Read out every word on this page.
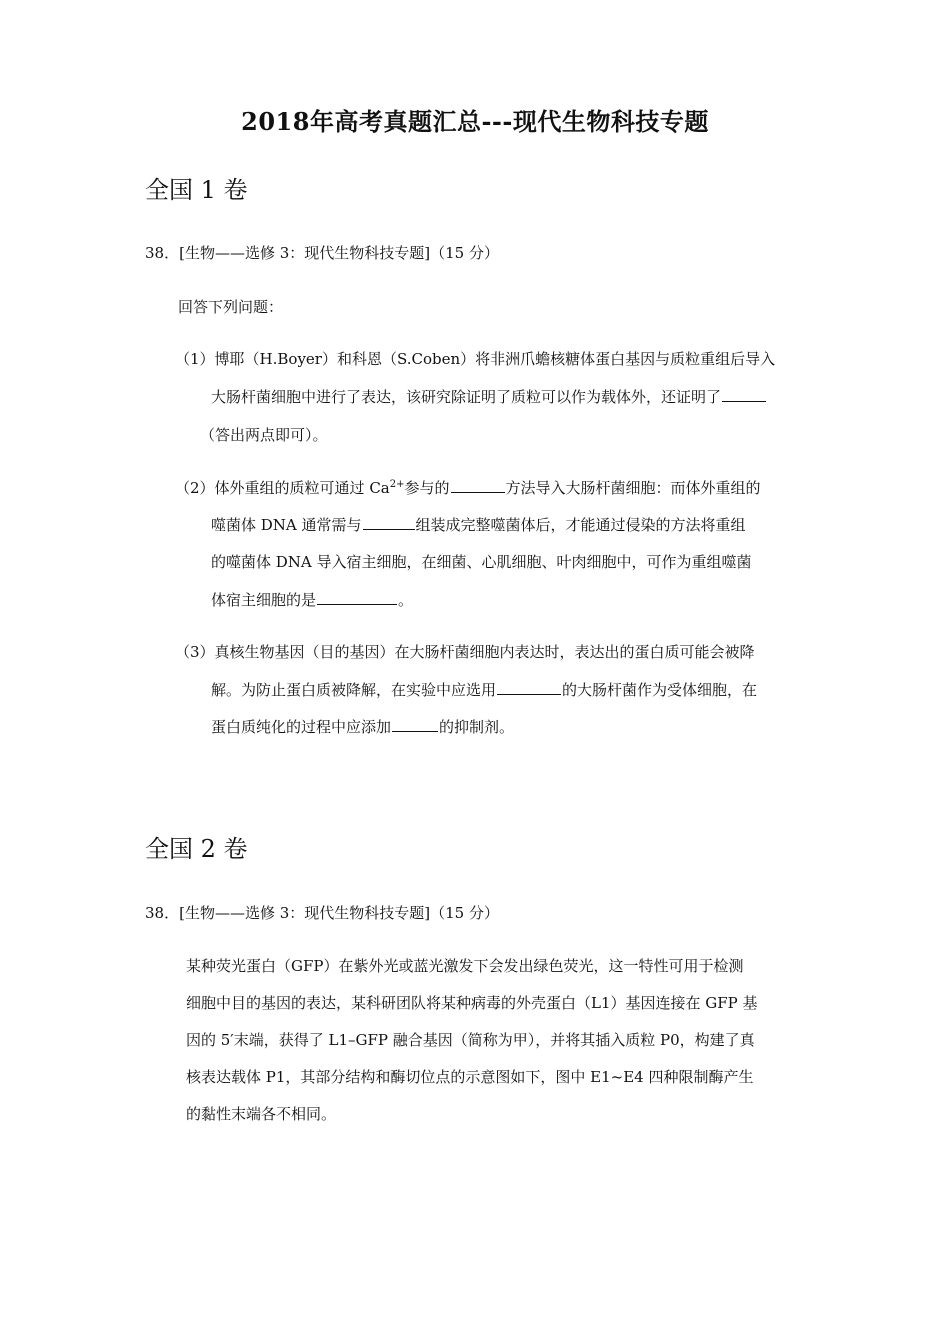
2018年高考真题汇总---现代生物科技专题
全国 1 卷
38．[生物——选修 3：现代生物科技专题]（15 分）
回答下列问题：
（1）博耶（H.Boyer）和科恩（S.Coben）将非洲爪蟾核糖体蛋白基因与质粒重组后导入
大肠杆菌细胞中进行了表达，该研究除证明了质粒可以作为载体外，还证明了
（答出两点即可）。
（2）体外重组的质粒可通过 $Ca^{2+}$参与的	方法导入大肠杆菌细胞：而体外重组的
噬菌体 DNA 通常需与	组装成完整噬菌体后，才能通过侵染的方法将重组
的噬菌体 DNA 导入宿主细胞，在细菌、心肌细胞、叶肉细胞中，可作为重组噬菌
体宿主细胞的是	。
（3）真核生物基因（目的基因）在大肠杆菌细胞内表达时，表达出的蛋白质可能会被降
解。为防止蛋白质被降解，在实验中应选用	的大肠杆菌作为受体细胞，在
蛋白质纯化的过程中应添加	的抑制剂。
全国 2 卷
38．[生物——选修 3：现代生物科技专题]（15 分）
某种荧光蛋白（GFP）在紫外光或蓝光激发下会发出绿色荧光，这一特性可用于检测
细胞中目的基因的表达，某科研团队将某种病毒的外壳蛋白（L1）基因连接在 GFP 基
因的 5′末端，获得了 L1–GFP 融合基因（简称为甲），并将其插入质粒 P0，构建了真
核表达载体 P1，其部分结构和酶切位点的示意图如下，图中 E1~E4 四种限制酶产生
的黏性末端各不相同。
